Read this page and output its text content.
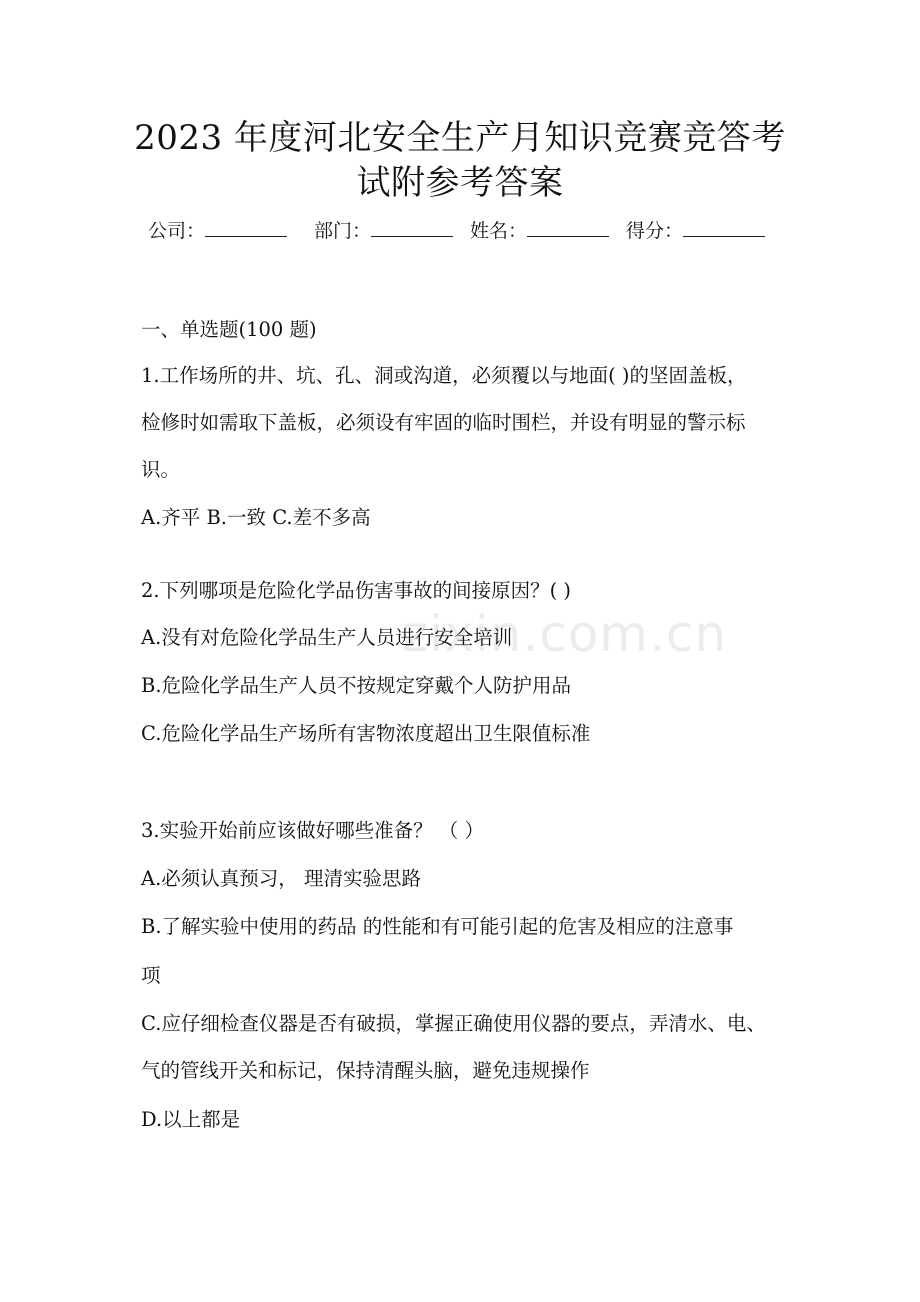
2023 年度河北安全生产月知识竞赛竞答考
试附参考答案
公司：	部门：	姓名：	得分：
zixin.com.cn
一、单选题(100 题)
1.工作场所的井、坑、孔、洞或沟道，必须覆以与地面( )的坚固盖板，
检修时如需取下盖板，必须设有牢固的临时围栏，并设有明显的警示标
识。
A.齐平 B.一致 C.差不多高
2.下列哪项是危险化学品伤害事故的间接原因？( )
A.没有对危险化学品生产人员进行安全培训
B.危险化学品生产人员不按规定穿戴个人防护用品
C.危险化学品生产场所有害物浓度超出卫生限值标准
3.实验开始前应该做好哪些准备？ （ ）
A.必须认真预习， 理清实验思路
B.了解实验中使用的药品 的性能和有可能引起的危害及相应的注意事
项
C.应仔细检查仪器是否有破损，掌握正确使用仪器的要点，弄清水、电、
气的管线开关和标记，保持清醒头脑，避免违规操作
D.以上都是
